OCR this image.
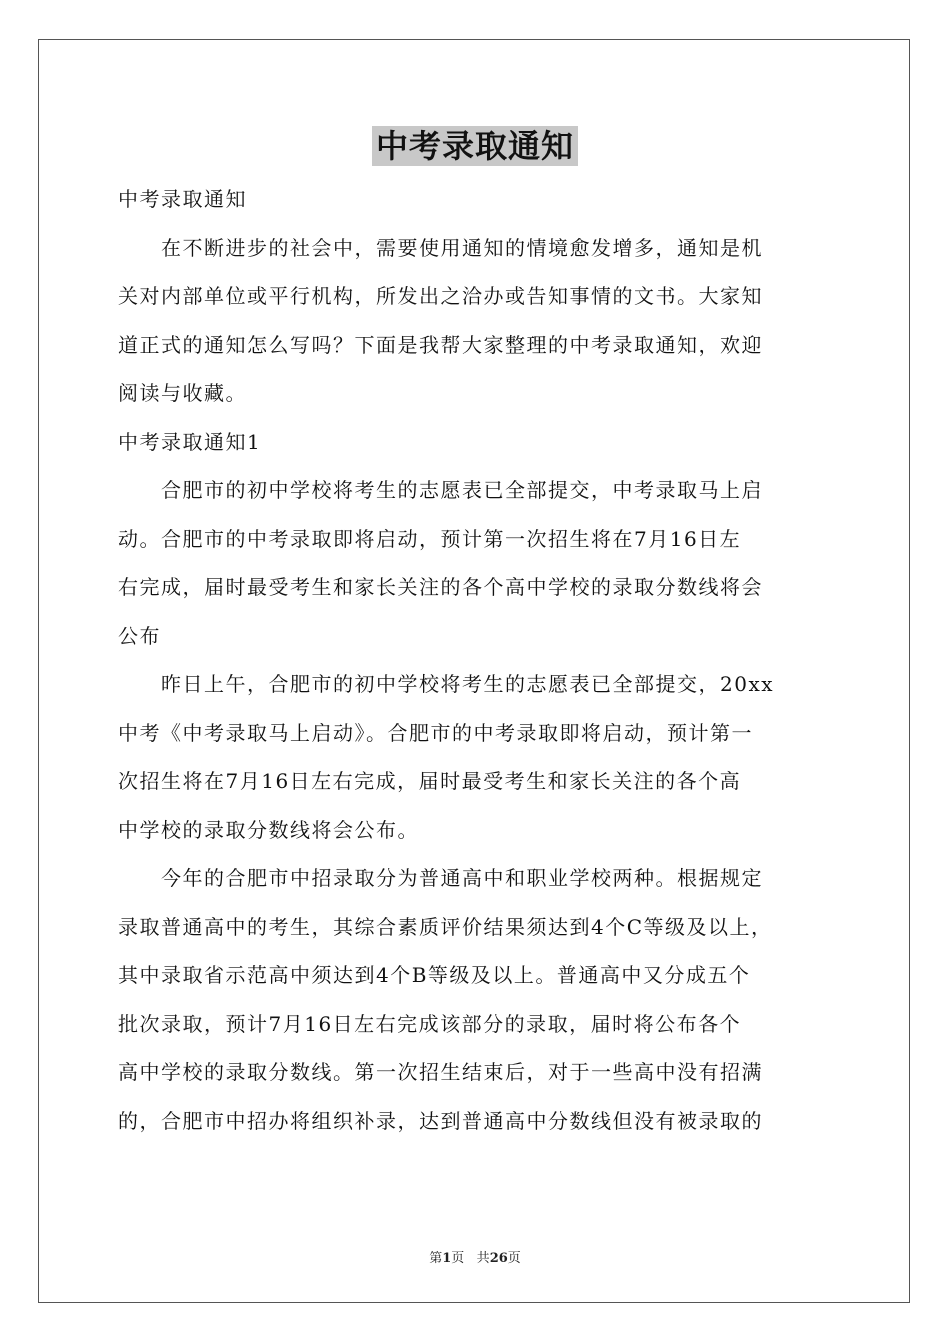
中考录取通知
中考录取通知
　　在不断进步的社会中，需要使用通知的情境愈发增多，通知是机
关对内部单位或平行机构，所发出之洽办或告知事情的文书。大家知
道正式的通知怎么写吗？下面是我帮大家整理的中考录取通知，欢迎
阅读与收藏。
中考录取通知1
　　合肥市的初中学校将考生的志愿表已全部提交，中考录取马上启
动。合肥市的中考录取即将启动，预计第一次招生将在7月16日左
右完成，届时最受考生和家长关注的各个高中学校的录取分数线将会
公布
　　昨日上午，合肥市的初中学校将考生的志愿表已全部提交，20xx
中考《中考录取马上启动》。合肥市的中考录取即将启动，预计第一
次招生将在7月16日左右完成，届时最受考生和家长关注的各个高
中学校的录取分数线将会公布。
　　今年的合肥市中招录取分为普通高中和职业学校两种。根据规定
录取普通高中的考生，其综合素质评价结果须达到4个C等级及以上，
其中录取省示范高中须达到4个B等级及以上。普通高中又分成五个
批次录取，预计7月16日左右完成该部分的录取，届时将公布各个
高中学校的录取分数线。第一次招生结束后，对于一些高中没有招满
的，合肥市中招办将组织补录，达到普通高中分数线但没有被录取的
第1页 共26页
